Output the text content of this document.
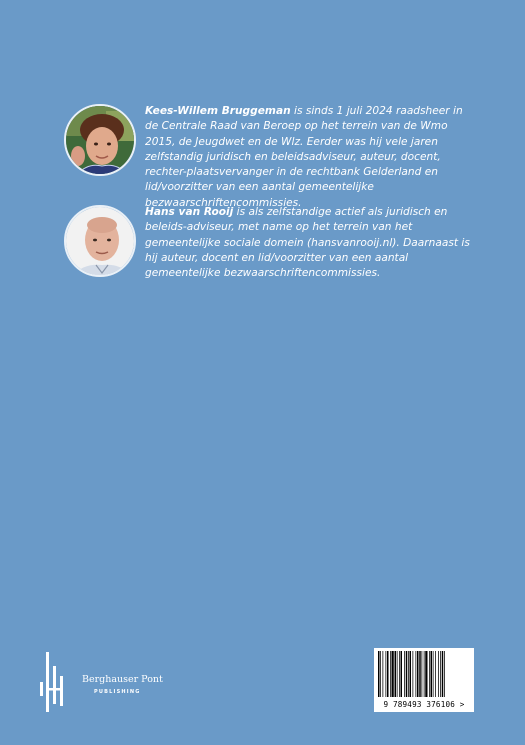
Kees-Willem Bruggeman is sinds 1 juli 2024 raadsheer in de Centrale Raad van Beroep op het terrein van de Wmo 2015, de Jeugdwet en de Wlz. Eerder was hij vele jaren zelfstandig juridisch en beleidsadviseur, auteur, docent, rechter-plaatsvervanger in de rechtbank Gelderland en lid/voorzitter van een aantal gemeentelijke bezwaarschriftencommissies.

Hans van Rooij is als zelfstandige actief als juridisch en beleids-adviseur, met name op het terrein van het gemeentelijke sociale domein (hansvanrooij.nl). Daarnaast is hij auteur, docent en lid/voorzitter van een aantal gemeentelijke bezwaarschriftencommissies.

Berghauser Pont
PUBLISHING
9 789493 376106 >
